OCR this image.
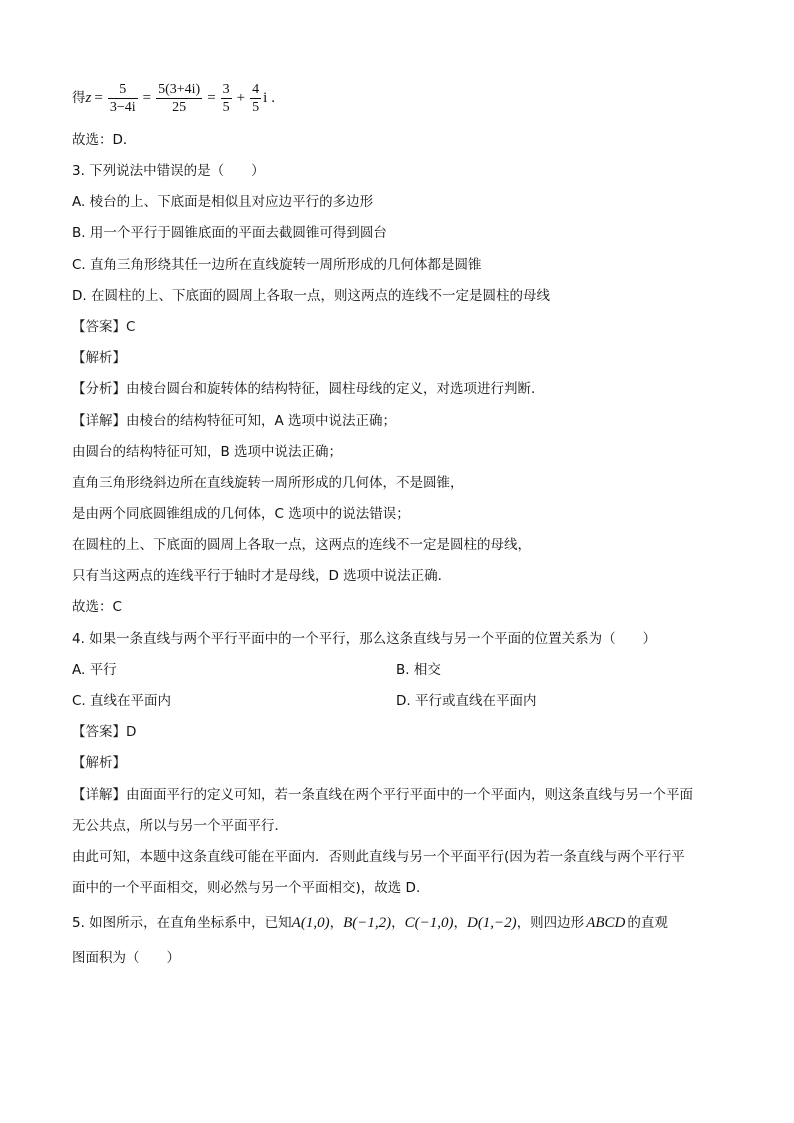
得$z = \frac{5}{3-4i} = \frac{5(3+4i)}{25} = \frac{3}{5} + \frac{4}{5}$ i .
故选：D．
3. 下列说法中错误的是（　　）
A. 棱台的上、下底面是相似且对应边平行的多边形
B. 用一个平行于圆锥底面的平面去截圆锥可得到圆台
C. 直角三角形绕其任一边所在直线旋转一周所形成的几何体都是圆锥
D. 在圆柱的上、下底面的圆周上各取一点，则这两点的连线不一定是圆柱的母线
【答案】C
【解析】
【分析】由棱台圆台和旋转体的结构特征，圆柱母线的定义，对选项进行判断.
【详解】由棱台的结构特征可知，A 选项中说法正确；
由圆台的结构特征可知，B 选项中说法正确；
直角三角形绕斜边所在直线旋转一周所形成的几何体，不是圆锥，
是由两个同底圆锥组成的几何体，C 选项中的说法错误；
在圆柱的上、下底面的圆周上各取一点，这两点的连线不一定是圆柱的母线，
只有当这两点的连线平行于轴时才是母线，D 选项中说法正确.
故选：C
4. 如果一条直线与两个平行平面中的一个平行，那么这条直线与另一个平面的位置关系为（　　）
A. 平行	B. 相交
C. 直线在平面内	D. 平行或直线在平面内
【答案】D
【解析】
【详解】由面面平行的定义可知，若一条直线在两个平行平面中的一个平面内，则这条直线与另一个平面
无公共点，所以与另一个平面平行．
由此可知，本题中这条直线可能在平面内．否则此直线与另一个平面平行(因为若一条直线与两个平行平
面中的一个平面相交，则必然与另一个平面相交)，故选 D.
5. 如图所示，在直角坐标系中，已知A(1,0)，B(−1,2)，C(−1,0)，D(1,−2)，则四边形 ABCD 的直观
图面积为（　　）
